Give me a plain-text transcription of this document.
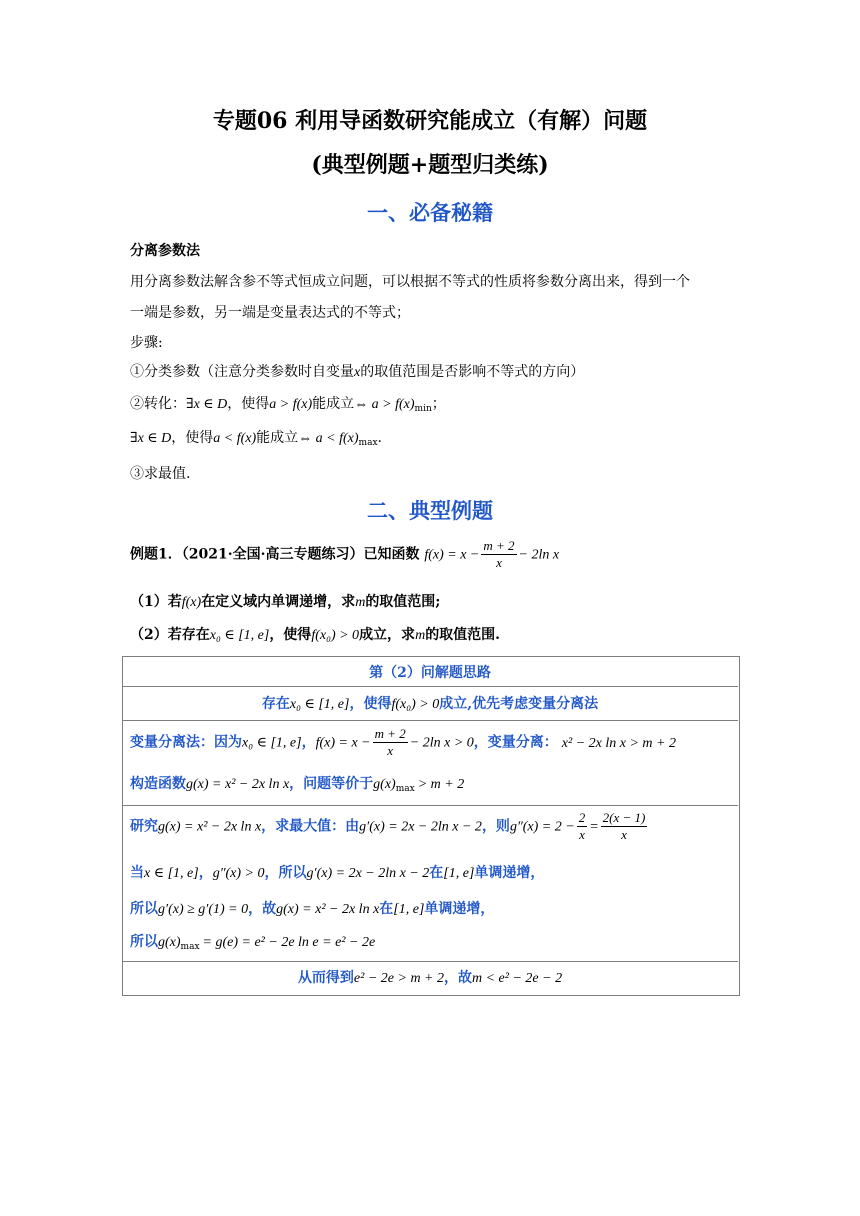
专题06 利用导函数研究能成立（有解）问题
(典型例题+题型归类练)
一、必备秘籍
分离参数法
用分离参数法解含参不等式恒成立问题，可以根据不等式的性质将参数分离出来，得到一个
一端是参数，另一端是变量表达式的不等式；
步骤:
①分类参数（注意分类参数时自变量x的取值范围是否影响不等式的方向）
②转化：∃x ∈ D，使得a > f(x)能成立⇔ $a > f(x)_{min}$；
∃x ∈ D，使得a < f(x)能成立⇔ $a < f(x)_{max}$.
③求最值.
二、典型例题
例题1．（2021·全国·高三专题练习）已知函数 $f(x) = x - \frac{m + 2}{x} - 2\ln$ x
（1）若f(x)在定义域内单调递增，求m的取值范围;
（2）若存在x₀ ∈ [1, e]，使得f(x₀) > 0成立，求m的取值范围.
第（2）问解题思路
存在x₀ ∈ [1, e]，使得f(x₀) > 0成立,优先考虑变量分离法
变量分离法：因为x₀ ∈ [1, e]，$f(x) = x - \frac{m + 2}{x} - 2\ln$ x > 0，变量分离： x² − 2x ln x > m + 2
构造函数g(x) = x² − 2x ln x，问题等价于$g(x)_{max} > m + 2$
研究g(x) = x² − 2x ln x，求最大值：由g′(x) = 2x − 2ln x − 2，则$g''(x) = 2 - \frac{2}{x} = \frac{2(x - 1)}{x}$
当x ∈ [1, e]，g″(x) > 0，所以g′(x) = 2x − 2ln x − 2在[1, e]单调递增，
所以g′(x) ≥ g′(1) = 0，故g(x) = x² − 2x ln x在[1, e]单调递增，
所以$g(x)_{max} = g(e) = e^2 - 2e$ ln e = e² − 2e
从而得到e² − 2e > m + 2，故m < e² − 2e − 2
